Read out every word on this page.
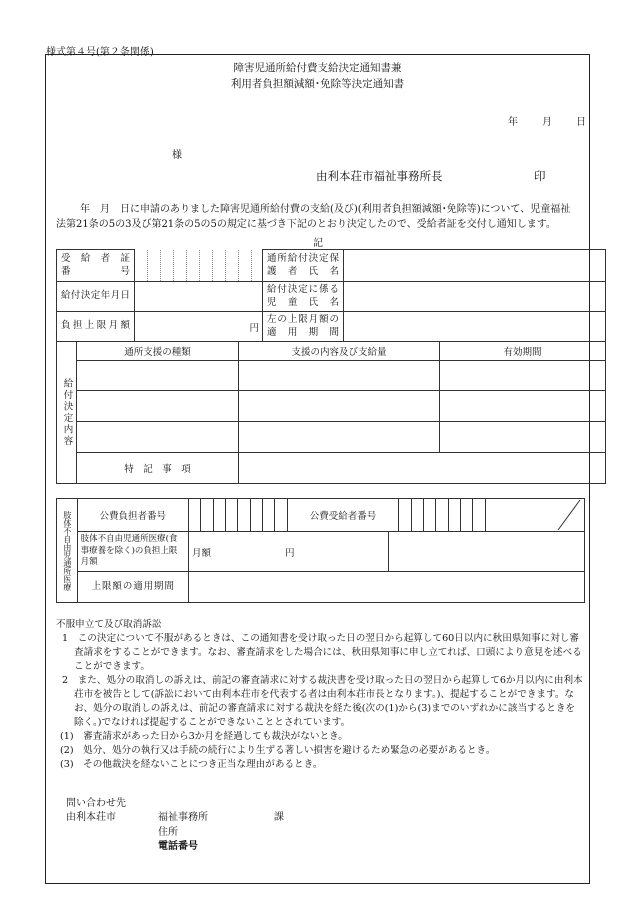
様式第４号(第２条関係)
障害児通所給付費支給決定通知書兼
利用者負担額減額･免除等決定通知書
年 月 日
様
由利本荘市福祉事務所長	印
年　月　日に申請のありました障害児通所給付費の支給(及び)(利用者負担額減額･免除等)について、児童福祉法第21条の5の3及び第21条の5の5の規定に基づき下記のとおり決定したので、受給者証を交付し通知します。
記
受　給　者　証　番　　　　　号												通所給付決定保護者氏名		
給付決定年月日												給付決定に係る児童氏名		
負担上限月額		円										左の上限月額の適用期間		
給付決定内容	通所支援の種類									支援の内容及び支給量				有効期間

	特　記　事　項													
肢体不自由児通所医療	公費負担者番号									公費受給者番号								

	肢体不自由児通所医療(食事療養を除く)の負担上限月額	月額 円																	

	上限額の適用期間																		
不服申立て及び取消訴訟
1　 この決定について不服があるときは、この通知書を受け取った日の翌日から起算して60日以内に秋田県知事に対し審査請求をすることができます。なお、審査請求をした場合には、秋田県知事に申し立てれば、口頭により意見を述べることができます。
2　 また、処分の取消しの訴えは、前記の審査請求に対する裁決書を受け取った日の翌日から起算して6か月以内に由利本荘市を被告として(訴訟において由利本荘市を代表する者は由利本荘市長となります。)、提起することができます。なお、処分の取消しの訴えは、前記の審査請求に対する裁決を経た後(次の(1)から(3)までのいずれかに該当するときを除く。)でなければ提起することができないこととされています。
(1)　審査請求があった日から3か月を経過しても裁決がないとき。
(2)　処分、処分の執行又は手続の続行により生ずる著しい損害を避けるため緊急の必要があるとき。
(3)　その他裁決を経ないことにつき正当な理由があるとき。
問い合わせ先
由利本荘市	福祉事務所	課
住所
電話番号
